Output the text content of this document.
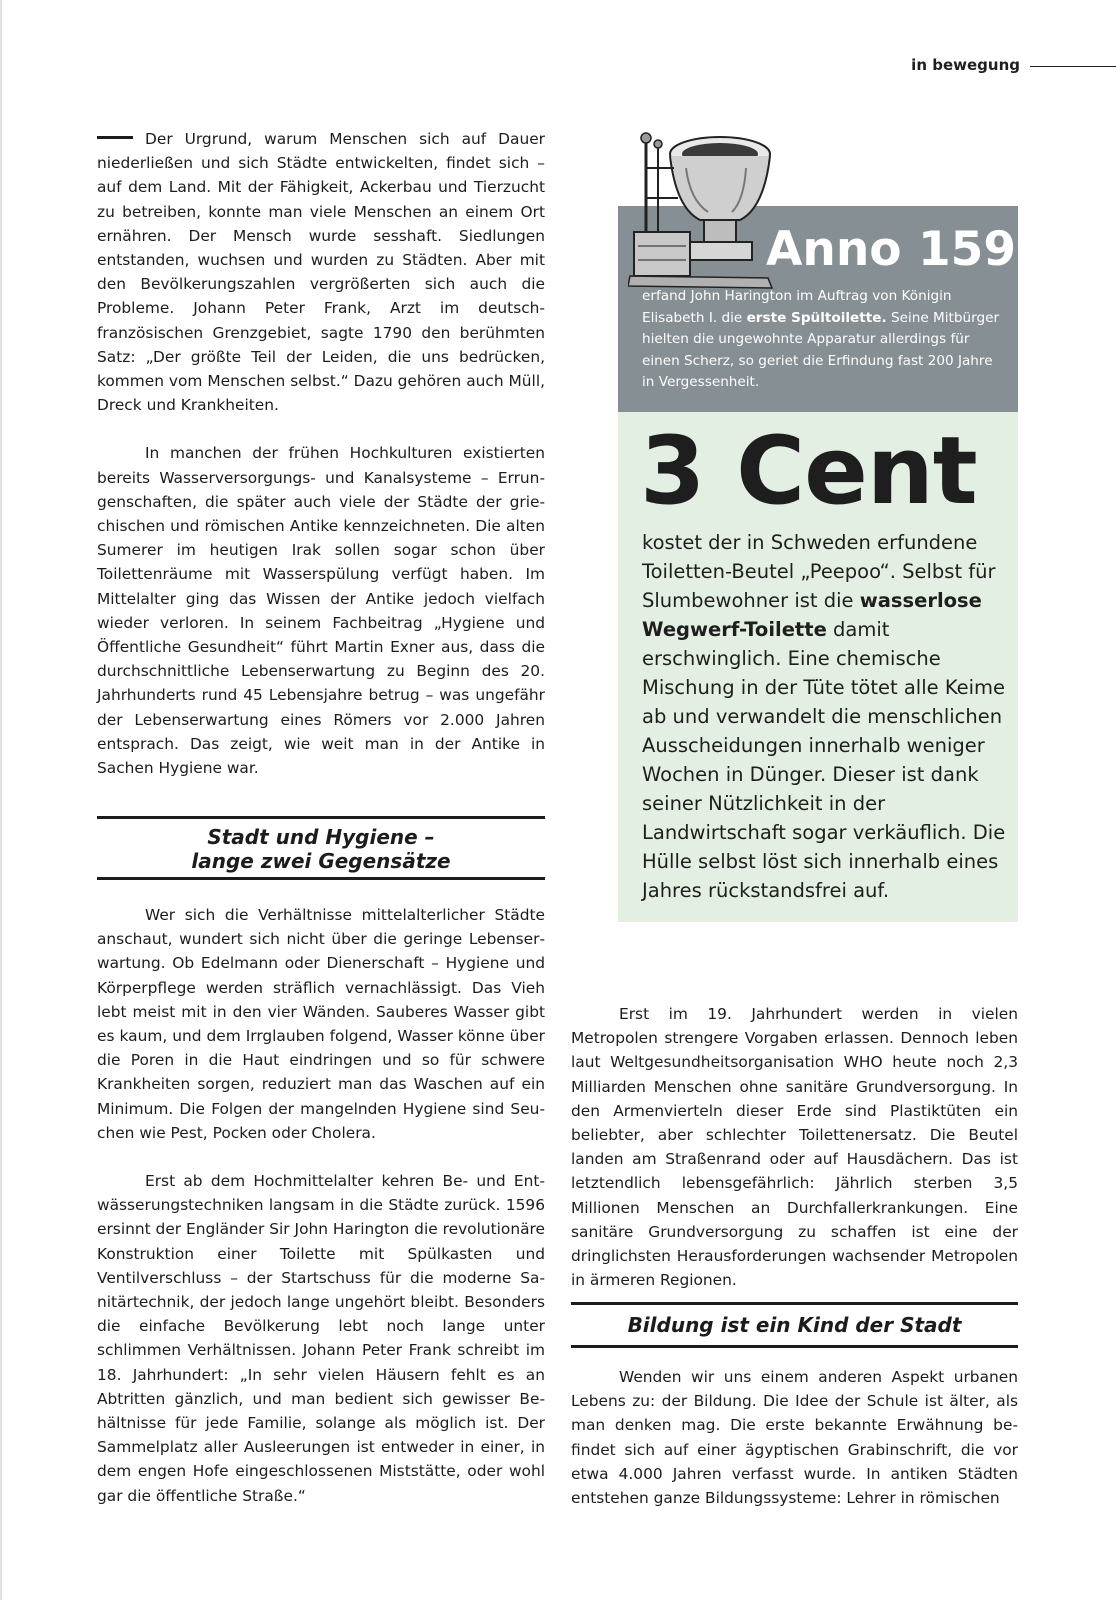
in bewegung

Der Urgrund, warum Menschen sich auf Dauer niederließen und sich Städte entwickelten, findet sich – auf dem Land. Mit der Fähigkeit, Ackerbau und Tierzucht zu betreiben, konnte man viele Menschen an einem Ort ernähren. Der Mensch wurde sesshaft. Siedlungen entstanden, wuchsen und wurden zu Städten. Aber mit den Bevölkerungszahlen vergrößerten sich auch die Probleme. Johann Peter Frank, Arzt im deutsch-französischen Grenzgebiet, sagte 1790 den berühmten Satz: „Der größte Teil der Leiden, die uns bedrücken, kommen vom Menschen selbst.“ Dazu gehören auch Müll, Dreck und Krankheiten.

In manchen der frühen Hochkulturen existierten bereits Wasserversorgungs- und Kanalsysteme – Errungenschaften, die später auch viele der Städte der griechischen und römischen Antike kennzeichneten. Die alten Sumerer im heutigen Irak sollen sogar schon über Toilettenräume mit Wasserspülung verfügt haben. Im Mittelalter ging das Wissen der Antike jedoch vielfach wieder verloren. In seinem Fachbeitrag „Hygiene und Öffentliche Gesundheit“ führt Martin Exner aus, dass die durchschnittliche Lebenserwartung zu Beginn des 20. Jahrhunderts rund 45 Lebensjahre betrug – was ungefähr der Lebenserwartung eines Römers vor 2.000 Jahren entsprach. Das zeigt, wie weit man in der Antike in Sachen Hygiene war.

Stadt und Hygiene –
lange zwei Gegensätze

Wer sich die Verhältnisse mittelalterlicher Städte anschaut, wundert sich nicht über die geringe Lebenserwartung. Ob Edelmann oder Dienerschaft – Hygiene und Körperpflege werden sträflich vernachlässigt. Das Vieh lebt meist mit in den vier Wänden. Sauberes Wasser gibt es kaum, und dem Irrglauben folgend, Wasser könne über die Poren in die Haut eindringen und so für schwere Krankheiten sorgen, reduziert man das Waschen auf ein Minimum. Die Folgen der mangelnden Hygiene sind Seuchen wie Pest, Pocken oder Cholera.

Erst ab dem Hochmittelalter kehren Be- und Entwässerungstechniken langsam in die Städte zurück. 1596 ersinnt der Engländer Sir John Harington die revolutionäre Konstruktion einer Toilette mit Spülkasten und Ventilverschluss – der Startschuss für die moderne Sanitärtechnik, der jedoch lange ungehört bleibt. Besonders die einfache Bevölkerung lebt noch lange unter schlimmen Verhältnissen. Johann Peter Frank schreibt im 18. Jahrhundert: „In sehr vielen Häusern fehlt es an Abtritten gänzlich, und man bedient sich gewisser Behältnisse für jede Familie, solange als möglich ist. Der Sammelplatz aller Ausleerungen ist entweder in einer, in dem engen Hofe eingeschlossenen Miststätte, oder wohl gar die öffentliche Straße.“

Anno 1596
erfand John Harington im Auftrag von Königin Elisabeth I. die erste Spültoilette. Seine Mitbürger hielten die ungewohnte Apparatur allerdings für einen Scherz, so geriet die Erfindung fast 200 Jahre in Vergessenheit.
3 Cent
kostet der in Schweden erfundene Toiletten-Beutel „Peepoo“. Selbst für Slumbewohner ist die wasserlose Wegwerf-Toilette damit erschwinglich. Eine chemische Mischung in der Tüte tötet alle Keime ab und verwandelt die menschlichen Ausscheidungen innerhalb weniger Wochen in Dünger. Dieser ist dank seiner Nützlichkeit in der Landwirtschaft sogar verkäuflich. Die Hülle selbst löst sich innerhalb eines Jahres rückstandsfrei auf.

Erst im 19. Jahrhundert werden in vielen Metropolen strengere Vorgaben erlassen. Dennoch leben laut Weltgesundheitsorganisation WHO heute noch 2,3 Milliarden Menschen ohne sanitäre Grundversorgung. In den Armenvierteln dieser Erde sind Plastiktüten ein beliebter, aber schlechter Toilettenersatz. Die Beutel landen am Straßenrand oder auf Hausdächern. Das ist letztendlich lebensgefährlich: Jährlich sterben 3,5 Millionen Menschen an Durchfallerkrankungen. Eine sanitäre Grundversorgung zu schaffen ist eine der dringlichsten Herausforderungen wachsender Metropolen in ärmeren Regionen.

Bildung ist ein Kind der Stadt

Wenden wir uns einem anderen Aspekt urbanen Lebens zu: der Bildung. Die Idee der Schule ist älter, als man denken mag. Die erste bekannte Erwähnung befindet sich auf einer ägyptischen Grabinschrift, die vor etwa 4.000 Jahren verfasst wurde. In antiken Städten entstehen ganze Bildungssysteme: Lehrer in römischen
